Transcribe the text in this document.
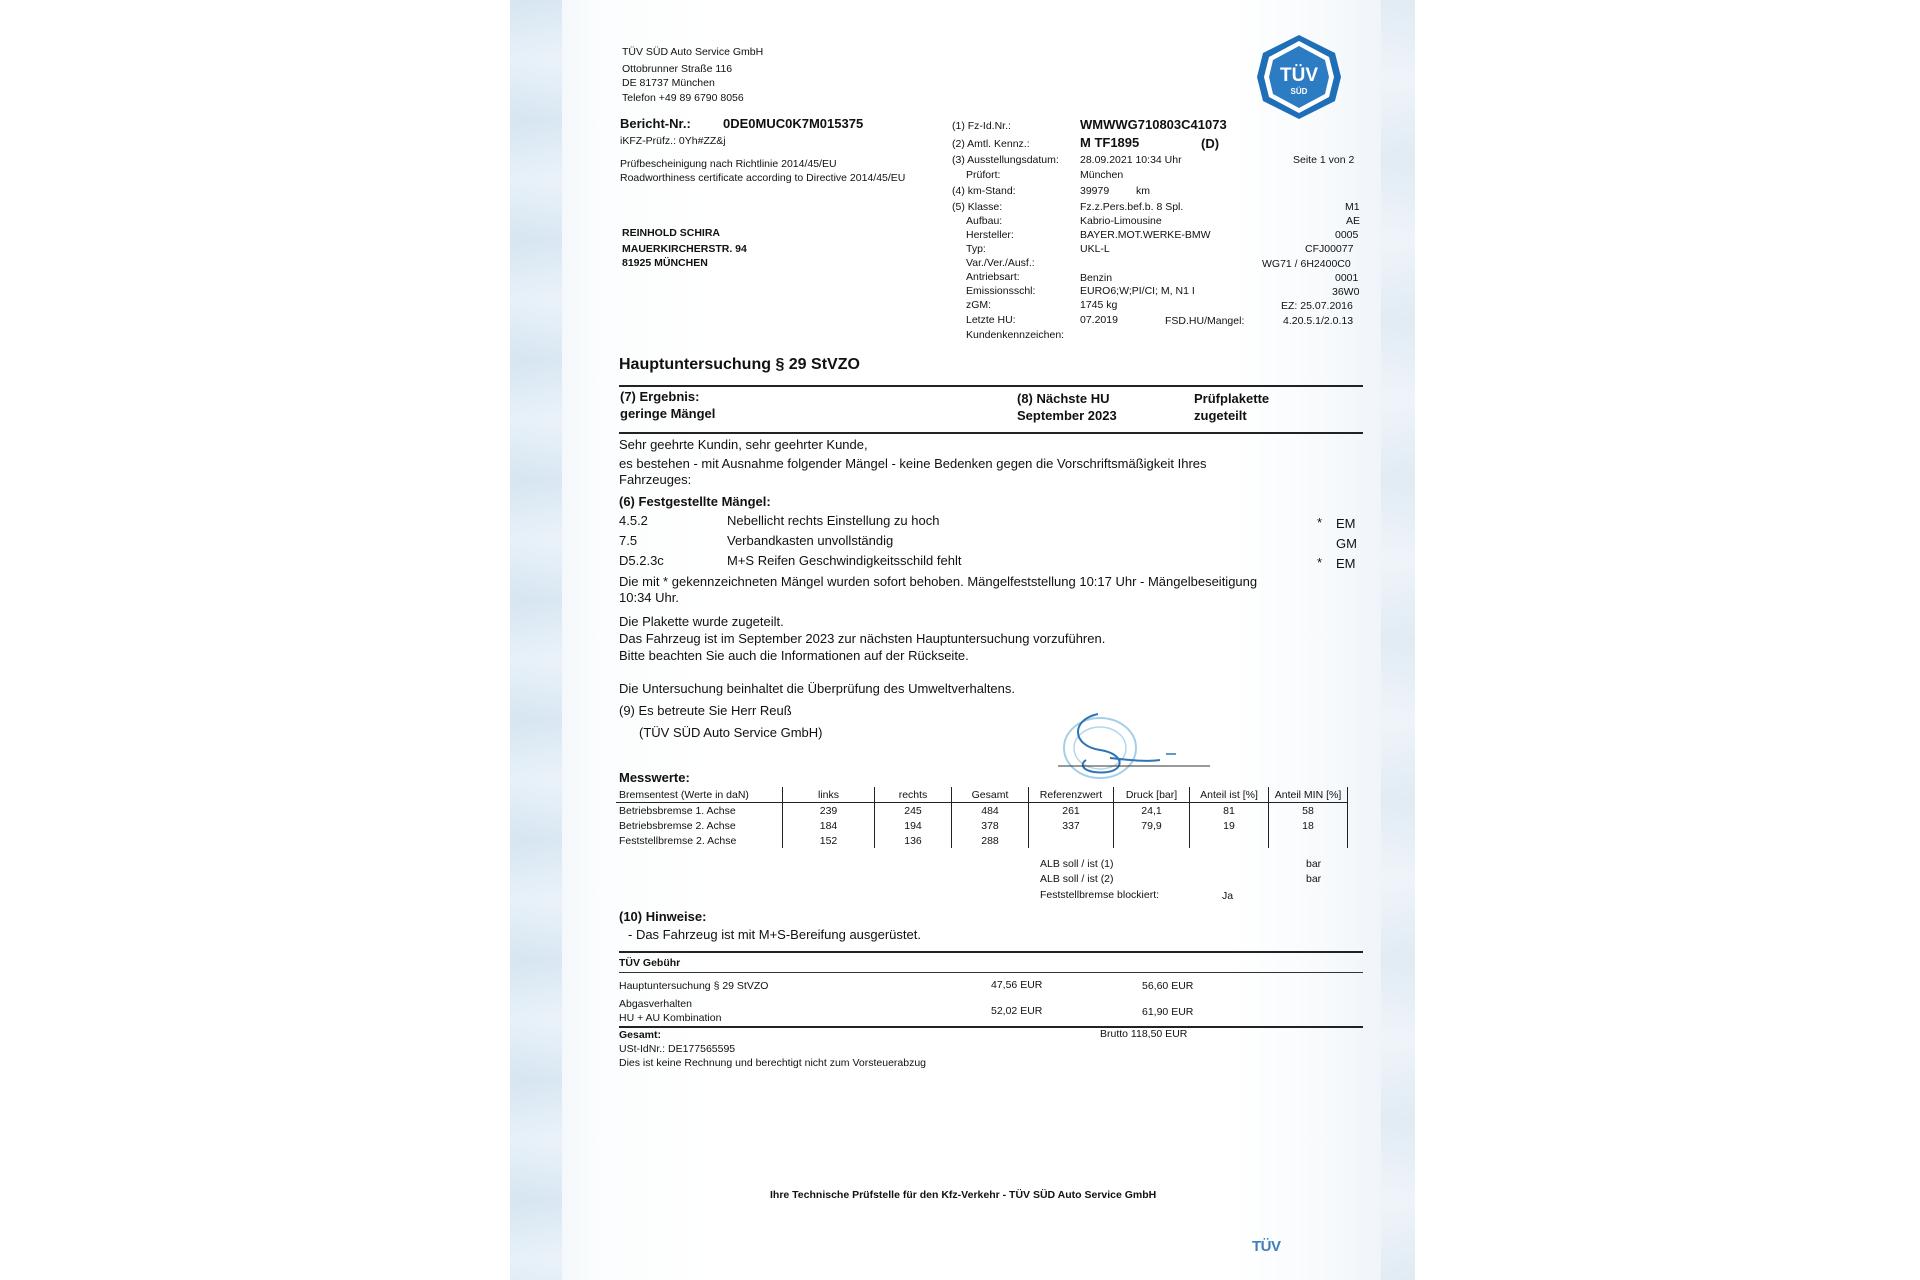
TÜV SÜD Auto Service GmbH
Ottobrunner Straße 116
DE 81737 München
Telefon +49 89 6790 8056
TÜV
SÜD
Bericht-Nr.: 0DE0MUC0K7M015375
iKFZ-Prüfz.: 0Yh#ZZ&j
Prüfbescheinigung nach Richtlinie 2014/45/EU
Roadworthiness certificate according to Directive 2014/45/EU
REINHOLD SCHIRA
MAUERKIRCHERSTR. 94
81925 MÜNCHEN
(1) Fz-Id.Nr.:	WMWWG710803C41073
(2) Amtl. Kennz.:	M TF1895	(D)
(3) Ausstellungsdatum: 28.09.2021 10:34 Uhr	Seite 1 von 2
Prüfort:	München
(4) km-Stand:	39979	km
(5) Klasse:	Fz.z.Pers.bef.b. 8 Spl.	M1
Aufbau:	Kabrio-Limousine	AE
Hersteller:	BAYER.MOT.WERKE-BMW	0005
Typ:	UKL-L	CFJ00077
Var./Ver./Ausf.:	WG71 / 6H2400C0
Antriebsart:	Benzin	0001
Emissionsschl:	EURO6;W;PI/CI; M, N1 I	36W0
zGM:	1745 kg	EZ: 25.07.2016
Letzte HU:	07.2019	FSD.HU/Mangel:	4.20.5.1/2.0.13
Kundenkennzeichen:
Hauptuntersuchung § 29 StVZO
(7) Ergebnis:
geringe Mängel
(8) Nächste HU
September 2023
Prüfplakette
zugeteilt
Sehr geehrte Kundin, sehr geehrter Kunde,
es bestehen - mit Ausnahme folgender Mängel - keine Bedenken gegen die Vorschriftsmäßigkeit Ihres
Fahrzeuges:
(6) Festgestellte Mängel:
4.5.2	Nebellicht rechts Einstellung zu hoch	* EM
7.5	Verbandkasten unvollständig	GM
D5.2.3c	M+S Reifen Geschwindigkeitsschild fehlt	* EM
Die mit * gekennzeichneten Mängel wurden sofort behoben. Mängelfeststellung 10:17 Uhr - Mängelbeseitigung
10:34 Uhr.
Die Plakette wurde zugeteilt.
Das Fahrzeug ist im September 2023 zur nächsten Hauptuntersuchung vorzuführen.
Bitte beachten Sie auch die Informationen auf der Rückseite.
Die Untersuchung beinhaltet die Überprüfung des Umweltverhaltens.
(9) Es betreute Sie Herr Reuß
(TÜV SÜD Auto Service GmbH)
Messwerte:
Bremsentest (Werte in daN)	links	rechts	Gesamt	Referenzwert	Druck [bar]	Anteil ist [%]	Anteil MIN [%]
Betriebsbremse 1. Achse	239	245	484	261	24,1	81	58
Betriebsbremse 2. Achse	184	194	378	337	79,9	19	18
Feststellbremse 2. Achse	152	136	288				
ALB soll / ist (1)	bar
ALB soll / ist (2)	bar
Feststellbremse blockiert:	Ja
(10) Hinweise:
- Das Fahrzeug ist mit M+S-Bereifung ausgerüstet.
TÜV Gebühr
Hauptuntersuchung § 29 StVZO	47,56 EUR	56,60 EUR
Abgasverhalten
HU + AU Kombination
52,02 EUR	61,90 EUR
Gesamt:	Brutto 118,50 EUR
USt-IdNr.: DE177565595
Dies ist keine Rechnung und berechtigt nicht zum Vorsteuerabzug
Ihre Technische Prüfstelle für den Kfz-Verkehr - TÜV SÜD Auto Service GmbH
TÜV
